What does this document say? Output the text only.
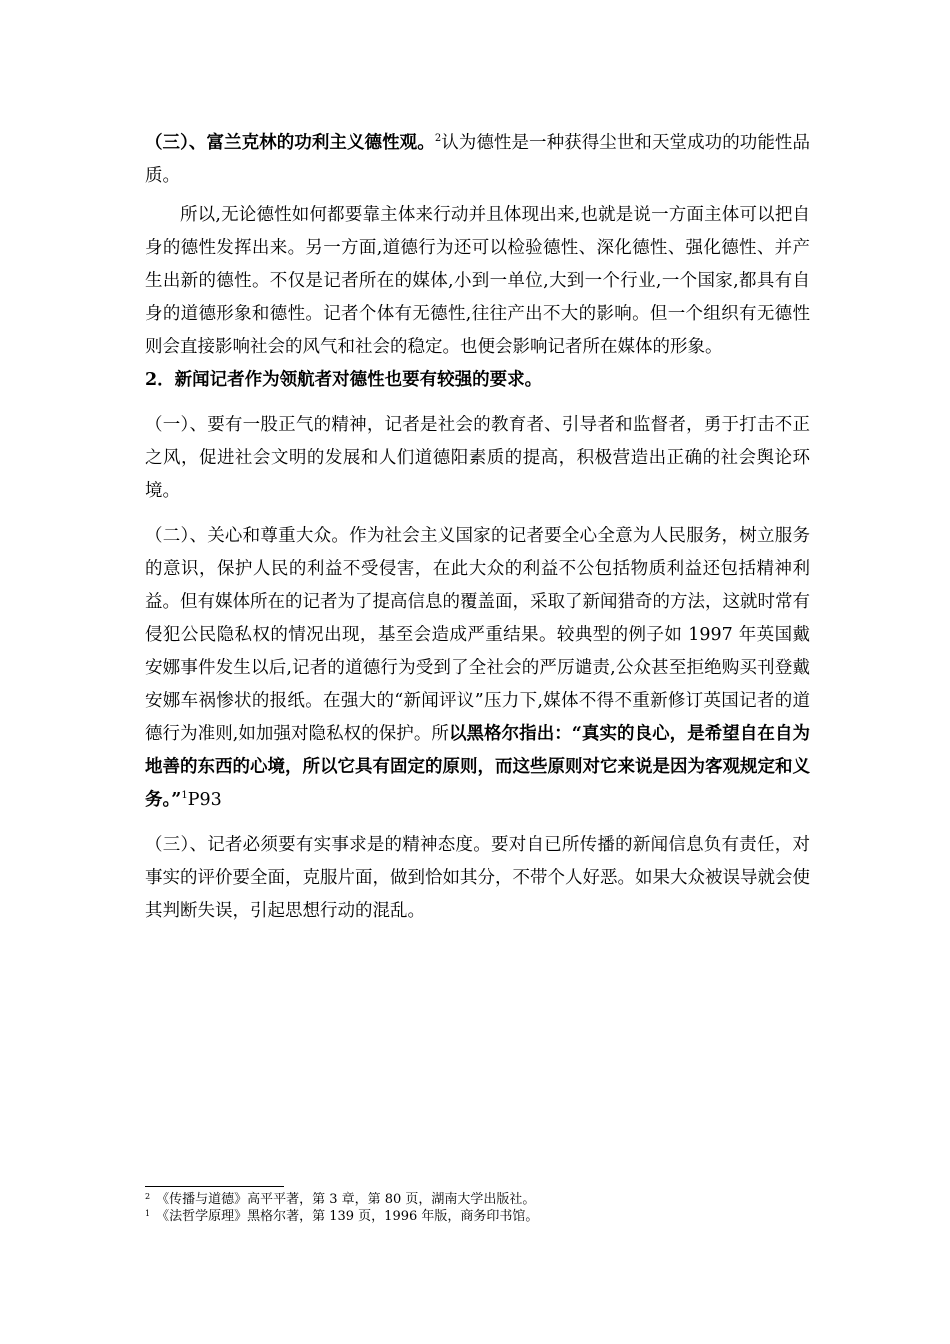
（三）、富兰克林的功利主义德性观。$^2$认为德性是一种获得尘世和天堂成功的功能性品质。

所以,无论德性如何都要靠主体来行动并且体现出来,也就是说一方面主体可以把自身的德性发挥出来。另一方面,道德行为还可以检验德性、深化德性、强化德性、并产生出新的德性。不仅是记者所在的媒体,小到一单位,大到一个行业,一个国家,都具有自身的道德形象和德性。记者个体有无德性,往往产出不大的影响。但一个组织有无德性则会直接影响社会的风气和社会的稳定。也便会影响记者所在媒体的形象。

2．新闻记者作为领航者对德性也要有较强的要求。

（一）、要有一股正气的精神，记者是社会的教育者、引导者和监督者，勇于打击不正之风，促进社会文明的发展和人们道德阳素质的提高，积极营造出正确的社会舆论环境。

（二）、关心和尊重大众。作为社会主义国家的记者要全心全意为人民服务，树立服务的意识，保护人民的利益不受侵害，在此大众的利益不公包括物质利益还包括精神利益。但有媒体所在的记者为了提高信息的覆盖面，采取了新闻猎奇的方法，这就时常有侵犯公民隐私权的情况出现，基至会造成严重结果。较典型的例子如 1997 年英国戴安娜事件发生以后,记者的道德行为受到了全社会的严厉谴责,公众甚至拒绝购买刊登戴安娜车祸惨状的报纸。在强大的“新闻评议”压力下,媒体不得不重新修订英国记者的道德行为准则,如加强对隐私权的保护。所以黑格尔指出：“真实的良心，是希望自在自为地善的东西的心境，所以它具有固定的原则，而这些原则对它来说是因为客观规定和义务。”$^1$P93

（三）、记者必须要有实事求是的精神态度。要对自已所传播的新闻信息负有责任，对事实的评价要全面，克服片面，做到恰如其分，不带个人好恶。如果大众被误导就会使其判断失误，引起思想行动的混乱。

$^2$ 《传播与道德》高平平著，第 3 章，第 80 页，湖南大学出版社。

$^1$ 《法哲学原理》黑格尔著，第 139 页，1996 年版，商务印书馆。
